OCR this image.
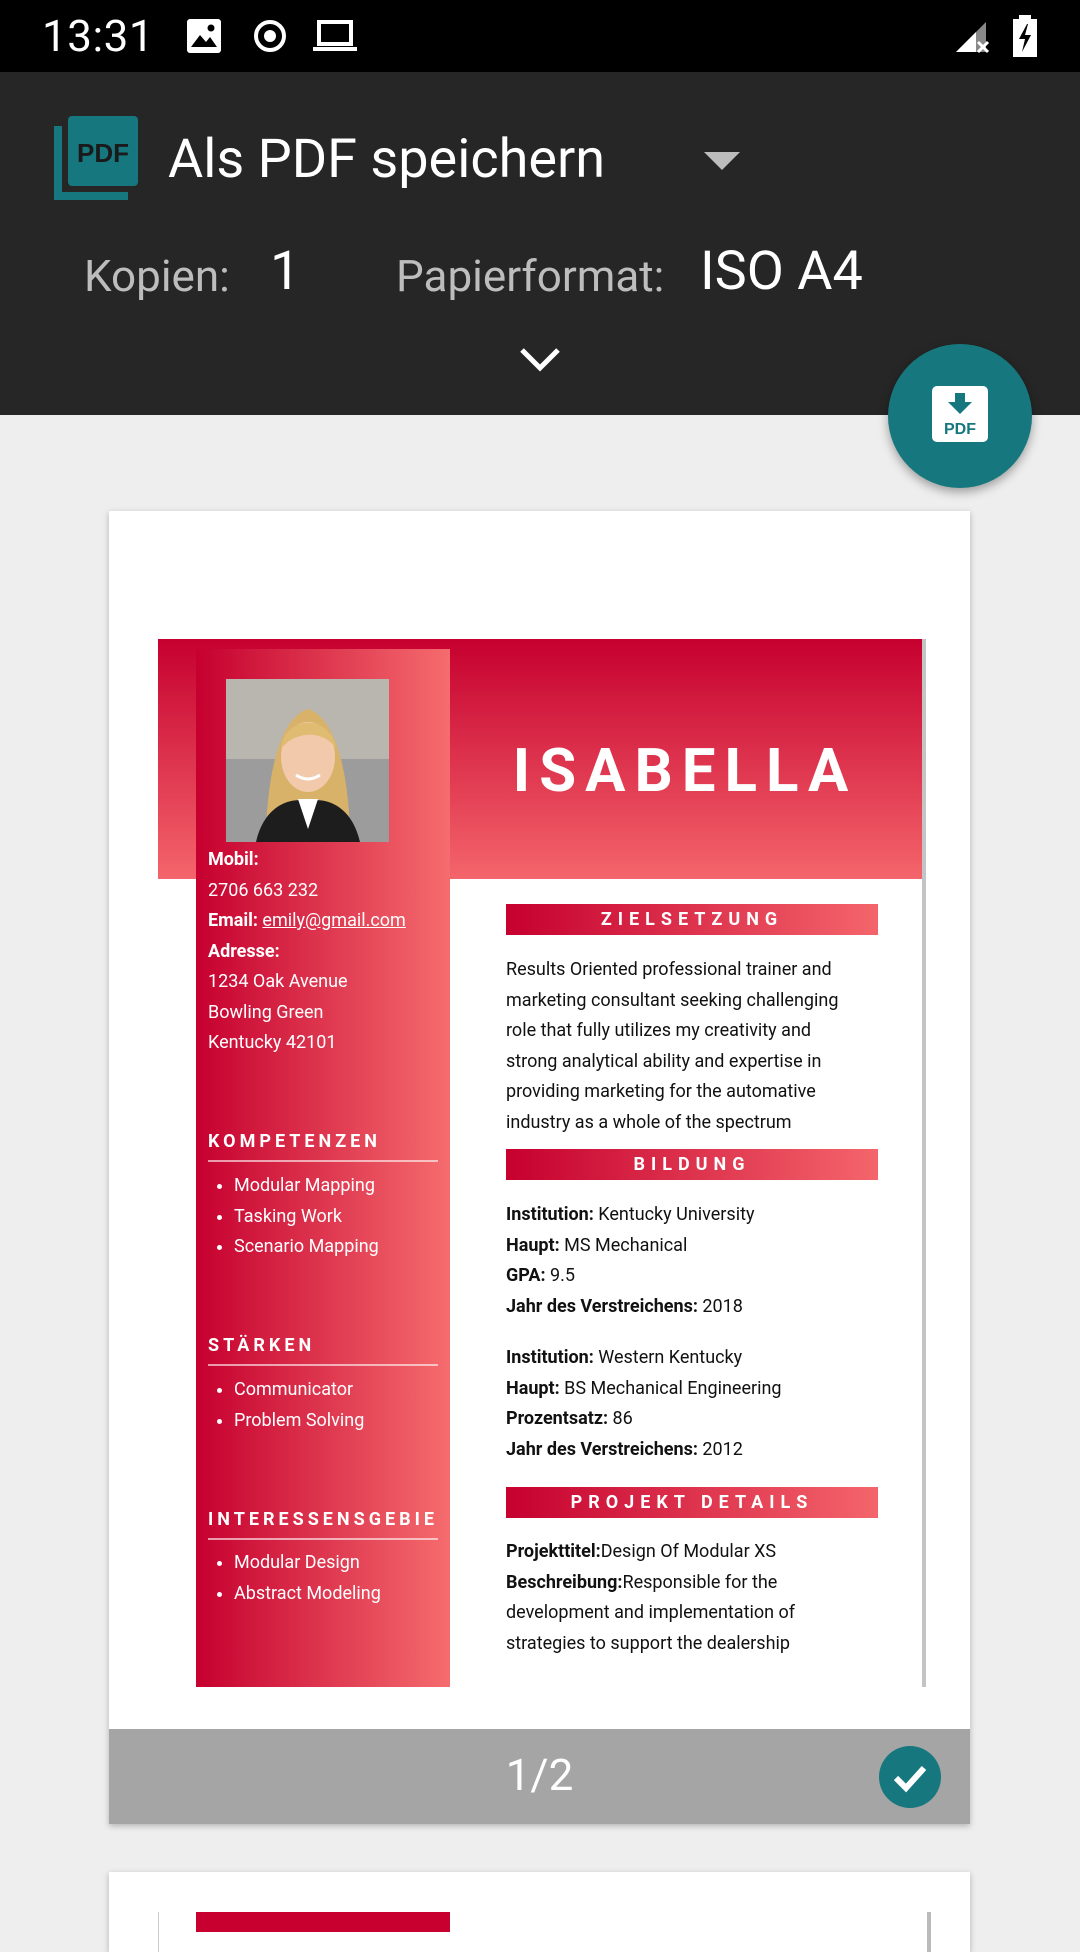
13:31
PDF Als PDF speichern
Kopien: 1 Papierformat: ISO A4
PDF
Mobil:
2706 663 232
Email: emily@gmail.com
Adresse:
1234 Oak Avenue
Bowling Green
Kentucky 42101
KOMPETENZEN
• Modular Mapping
• Tasking Work
• Scenario Mapping
STÄRKEN
• Communicator
• Problem Solving
INTERESSENSGEBIE
• Modular Design
• Abstract Modeling
ISABELLA
ZIELSETZUNG
Results Oriented professional trainer and
marketing consultant seeking challenging
role that fully utilizes my creativity and
strong analytical ability and expertise in
providing marketing for the automative
industry as a whole of the spectrum
BILDUNG
Institution: Kentucky University
Haupt: MS Mechanical
GPA: 9.5
Jahr des Verstreichens: 2018
Institution: Western Kentucky
Haupt: BS Mechanical Engineering
Prozentsatz: 86
Jahr des Verstreichens: 2012
PROJEKT DETAILS
Projekttitel:Design Of Modular XS
Beschreibung:Responsible for the
development and implementation of
strategies to support the dealership
1/2
